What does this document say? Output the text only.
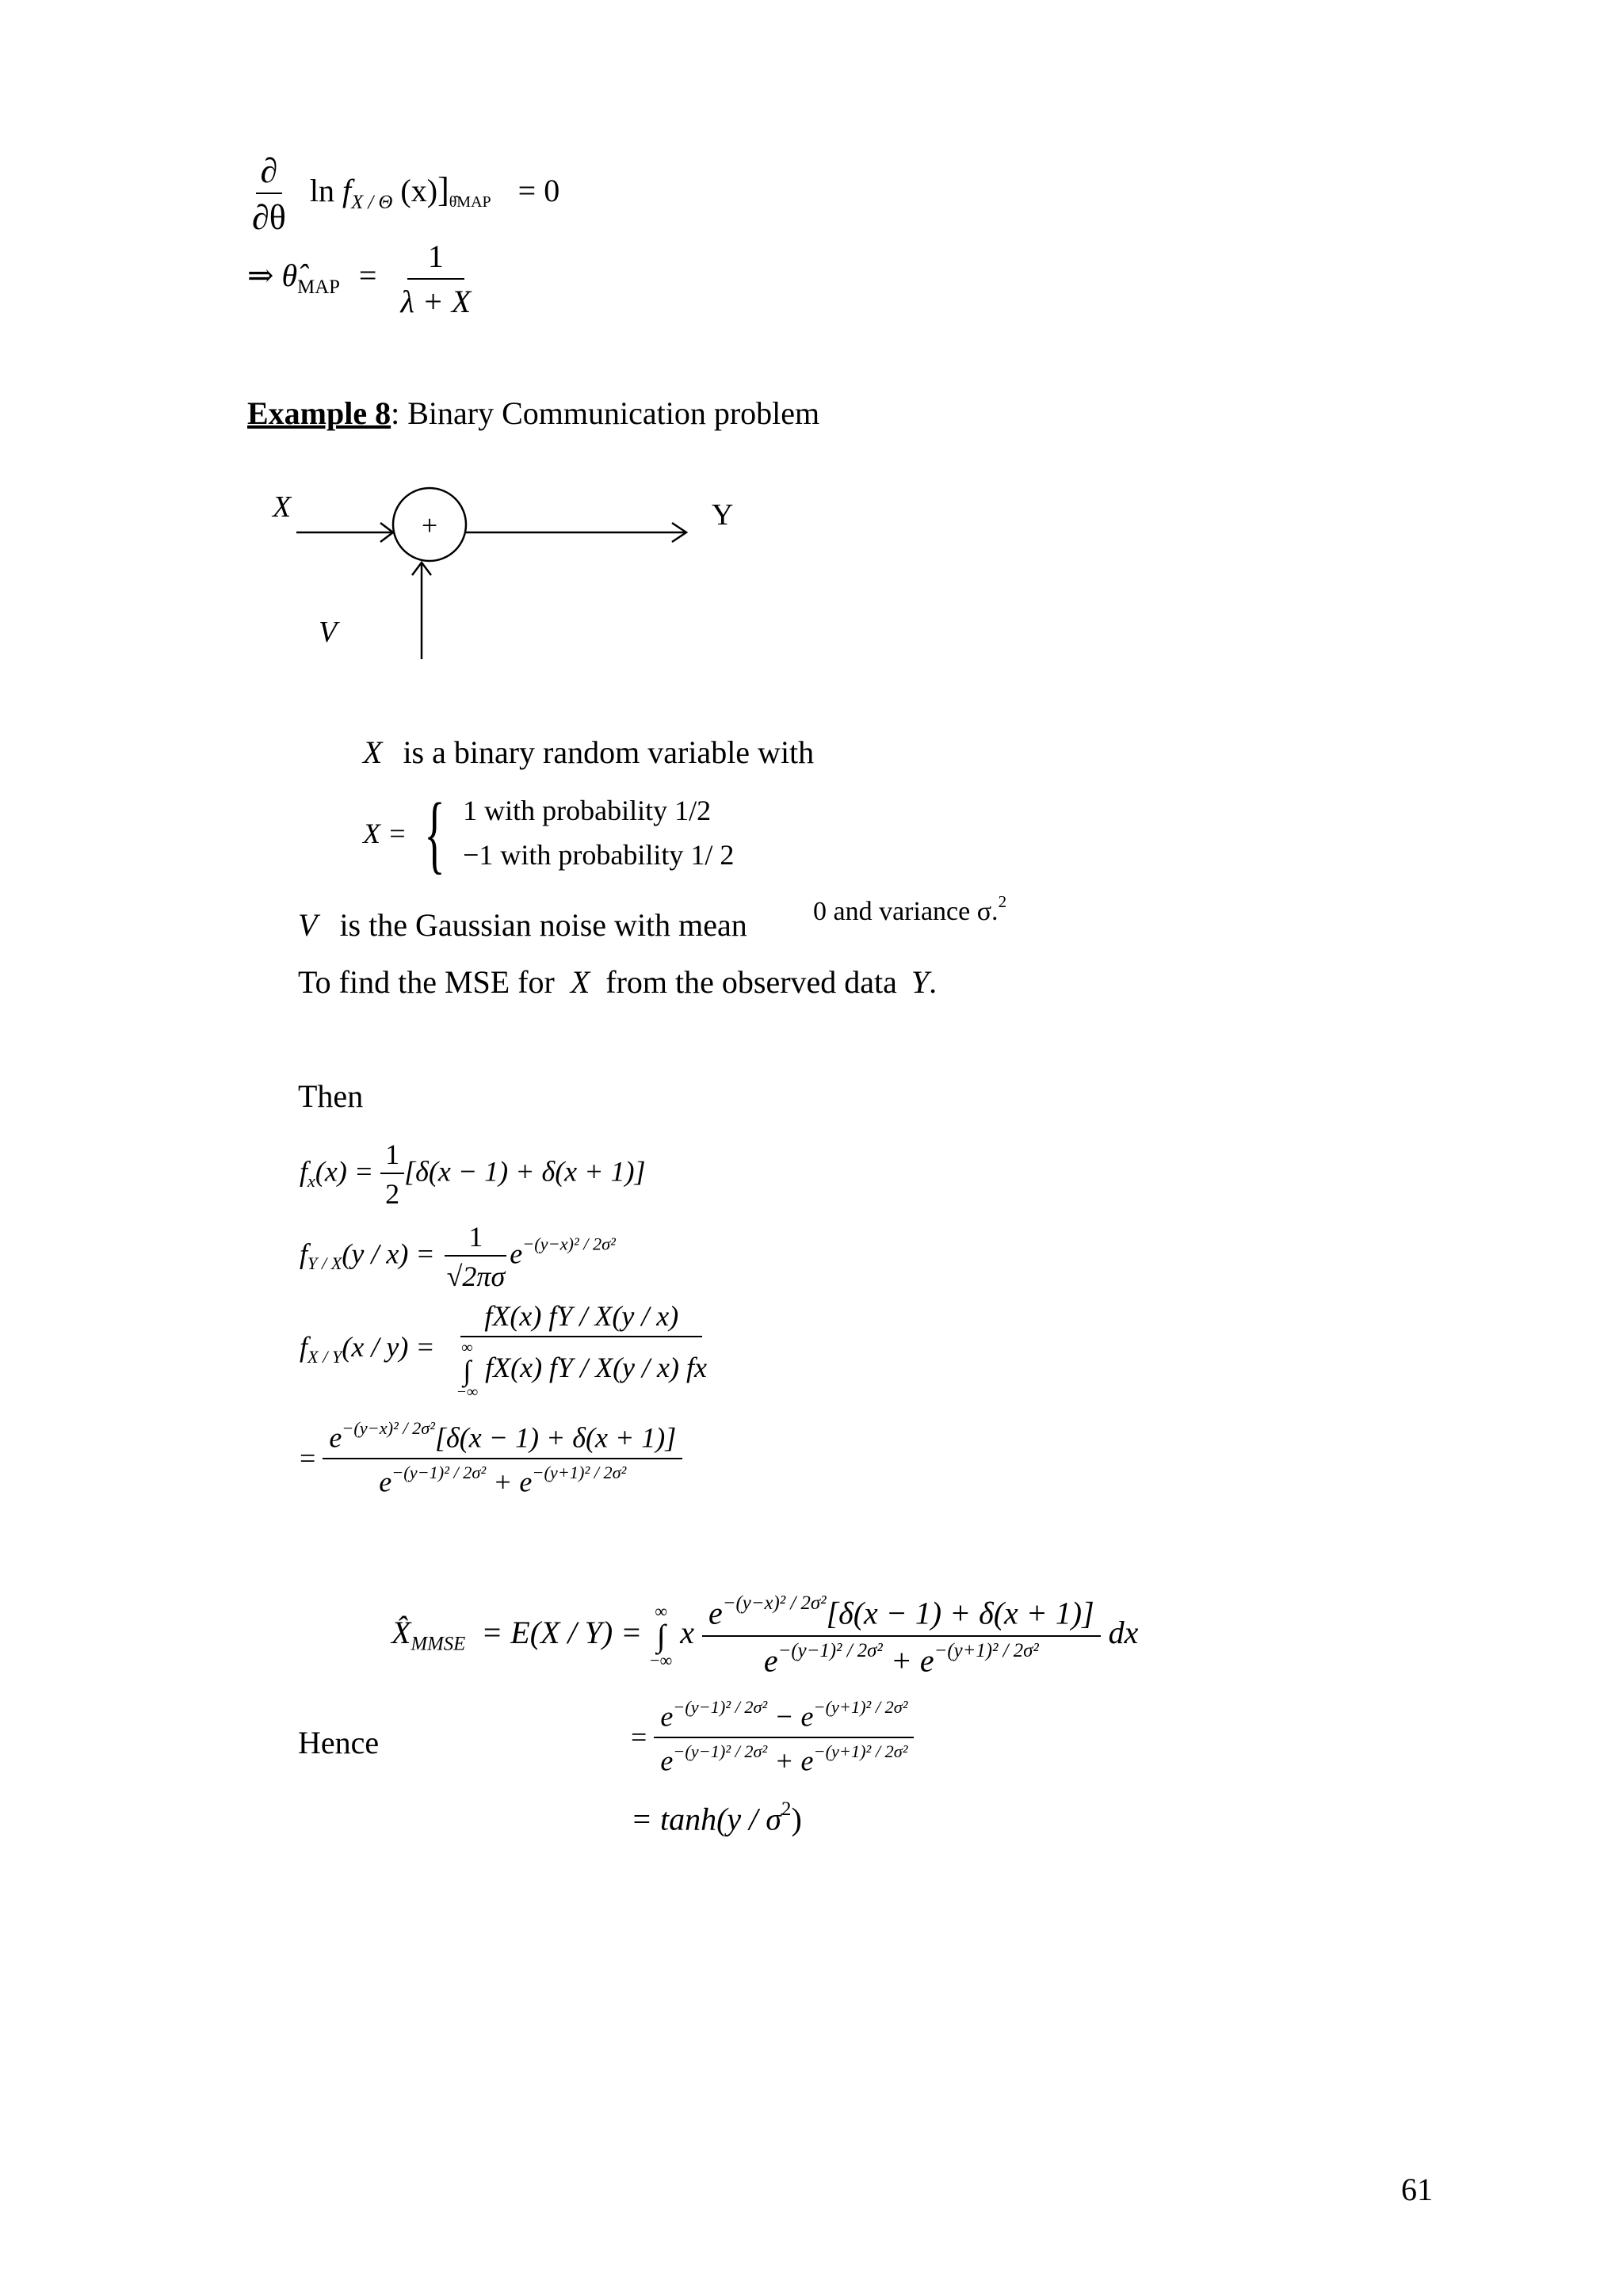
$\frac{\partial}{\partial\theta}$ $\ln f_{X / \Theta}$ $(x)]_{\thetâMAP} = 0$
⇒ $\thetâ_{MAP} = \frac{1}{\lambda + X}$
Example 8: Binary Communication problem
+
X	Y
V
X is a binary random variable with
X = { 1 with probability 1/2
−1 with probability 1/ 2
V is the Gaussian noise with mean 0 and variance σ.$^2$
To find the MSE for X from the observed data Y.
Then
$f_x(x) = \frac{1}{2} [\delta(x - 1) + \delta(x + 1)]$
$f_{Y / X}(y / x) = \frac{1}{√2\pi\sigma} e^{-(y-x)^2 / 2\sigma^2}$
$f_{X / Y}(x / y) = fX(x)$ fY / X(y / x)
∞
∫
−∞
fX(x) fY / X(y / x) fx
= $\frac{e^{-(y-x)^2 / 2\sigma^2}[\delta(x - 1) + \delta(x + 1)]}{e^{-(y-1)^2 / 2\sigma^2} + e^{-(y+1)^2 / 2\sigma^2}}$
$X̂_{MMSE} = E(X / Y)$ =
∞
∫
−∞
x $\frac{e^{-(y-x)^2 / 2\sigma^2}[\delta(x - 1) + \delta(x + 1)]}{e^{-(y-1)^2 / 2\sigma^2} + e^{-(y+1)^2 / 2\sigma^2}}$ dx
Hence	= $\frac{e^{-(y-1)^2 / 2\sigma^2} - e^{-(y+1)^2 / 2\sigma^2}}{e^{-(y-1)^2 / 2\sigma^2} + e^{-(y+1)^2 / 2\sigma^2}}$
= $\tanh(y / \sigma^2)$
61
